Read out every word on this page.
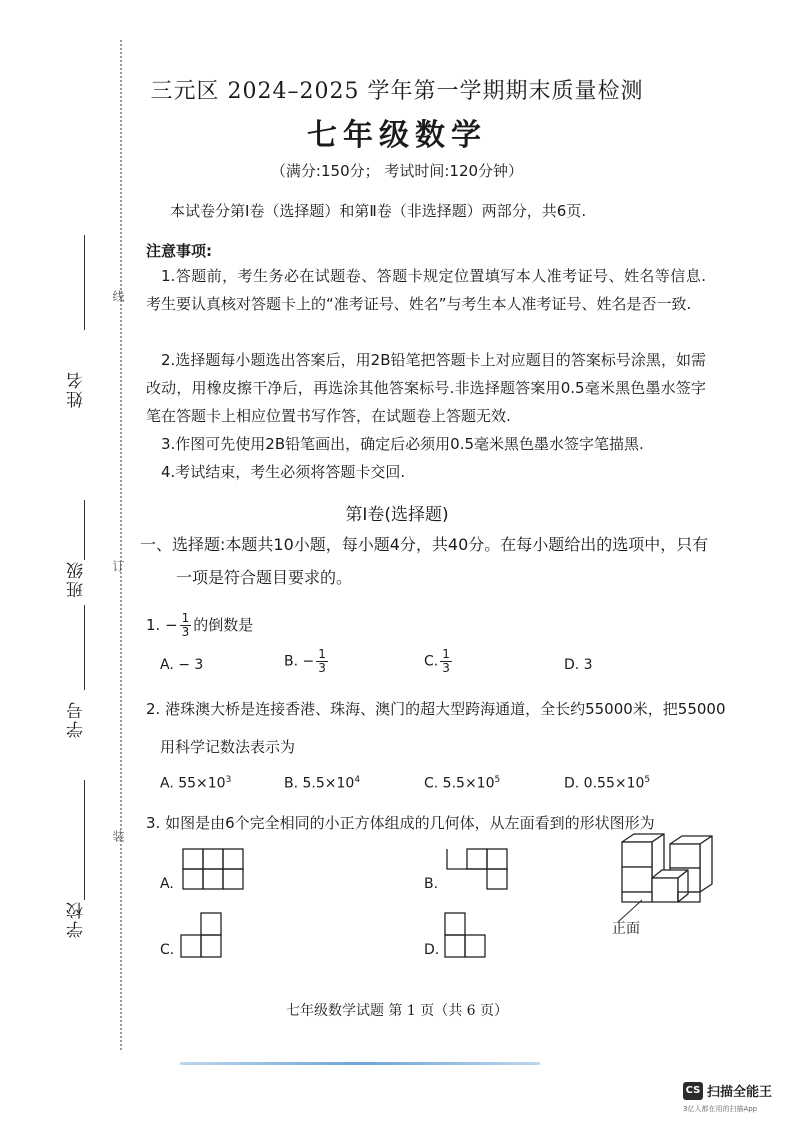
姓名
班级
学号
学校
线
订
装
三元区 2024–2025 学年第一学期期末质量检测
七年级数学
（满分:150分； 考试时间:120分钟）
本试卷分第Ⅰ卷（选择题）和第Ⅱ卷（非选择题）两部分，共6页.
注意事项:
1.答题前，考生务必在试题卷、答题卡规定位置填写本人准考证号、姓名等信息. 考生要认真核对答题卡上的“准考证号、姓名”与考生本人准考证号、姓名是否一致.
2.选择题每小题选出答案后，用2B铅笔把答题卡上对应题目的答案标号涂黑，如需改动，用橡皮擦干净后，再选涂其他答案标号.非选择题答案用0.5毫米黑色墨水签字笔在答题卡上相应位置书写作答，在试题卷上答题无效.
3.作图可先使用2B铅笔画出，确定后必须用0.5毫米黑色墨水签字笔描黑.
4.考试结束，考生必须将答题卡交回.
第Ⅰ卷(选择题)
一、选择题:本题共10小题，每小题4分，共40分。在每小题给出的选项中，只有
一项是符合题目要求的。
1. − $\frac{1}{3}$ 的倒数是
A. − 3	B. − $\frac{1}{3}$	C. $\frac{1}{3}$	D. 3
2. 港珠澳大桥是连接香港、珠海、澳门的超大型跨海通道，全长约55000米，把55000
用科学记数法表示为
A. $55\times 10^3$	B. $5.5\times 10^4$	C. $5.5\times 10^5$	D. $0.55\times 10^5$
3. 如图是由6个完全相同的小正方体组成的几何体，从左面看到的形状图形为
A.	B.
C.	D.
正面
七年级数学试题 第 1 页（共 6 页）
CS 扫描全能王
3亿人都在用的扫描App
